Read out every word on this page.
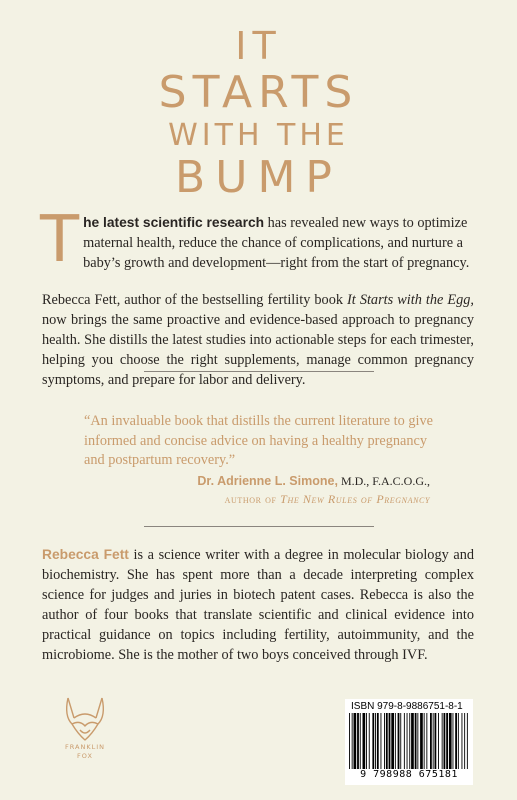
IT
STARTS
WITH THE
BUMP

The latest scientific research has revealed new ways to optimize maternal health, reduce the chance of complications, and nurture a baby’s growth and development—right from the start of pregnancy.

Rebecca Fett, author of the bestselling fertility book It Starts with the Egg, now brings the same proactive and evidence-based approach to pregnancy health. She distills the latest studies into actionable steps for each trimester, helping you choose the right supplements, manage common pregnancy symptoms, and prepare for labor and delivery.

“An invaluable book that distills the current literature to give informed and concise advice on having a healthy pregnancy and postpartum recovery.”

Dr. Adrienne L. Simone, M.D., F.A.C.O.G.,
author of The New Rules of Pregnancy

Rebecca Fett is a science writer with a degree in molecular biology and biochemistry. She has spent more than a decade interpreting complex science for judges and juries in biotech patent cases. Rebecca is also the author of four books that translate scientific and clinical evidence into practical guidance on topics including fertility, autoimmunity, and the microbiome. She is the mother of two boys conceived through IVF.

FRANKLIN

FOX

ISBN 979-8-9886751-8-1

9 798988 675181
